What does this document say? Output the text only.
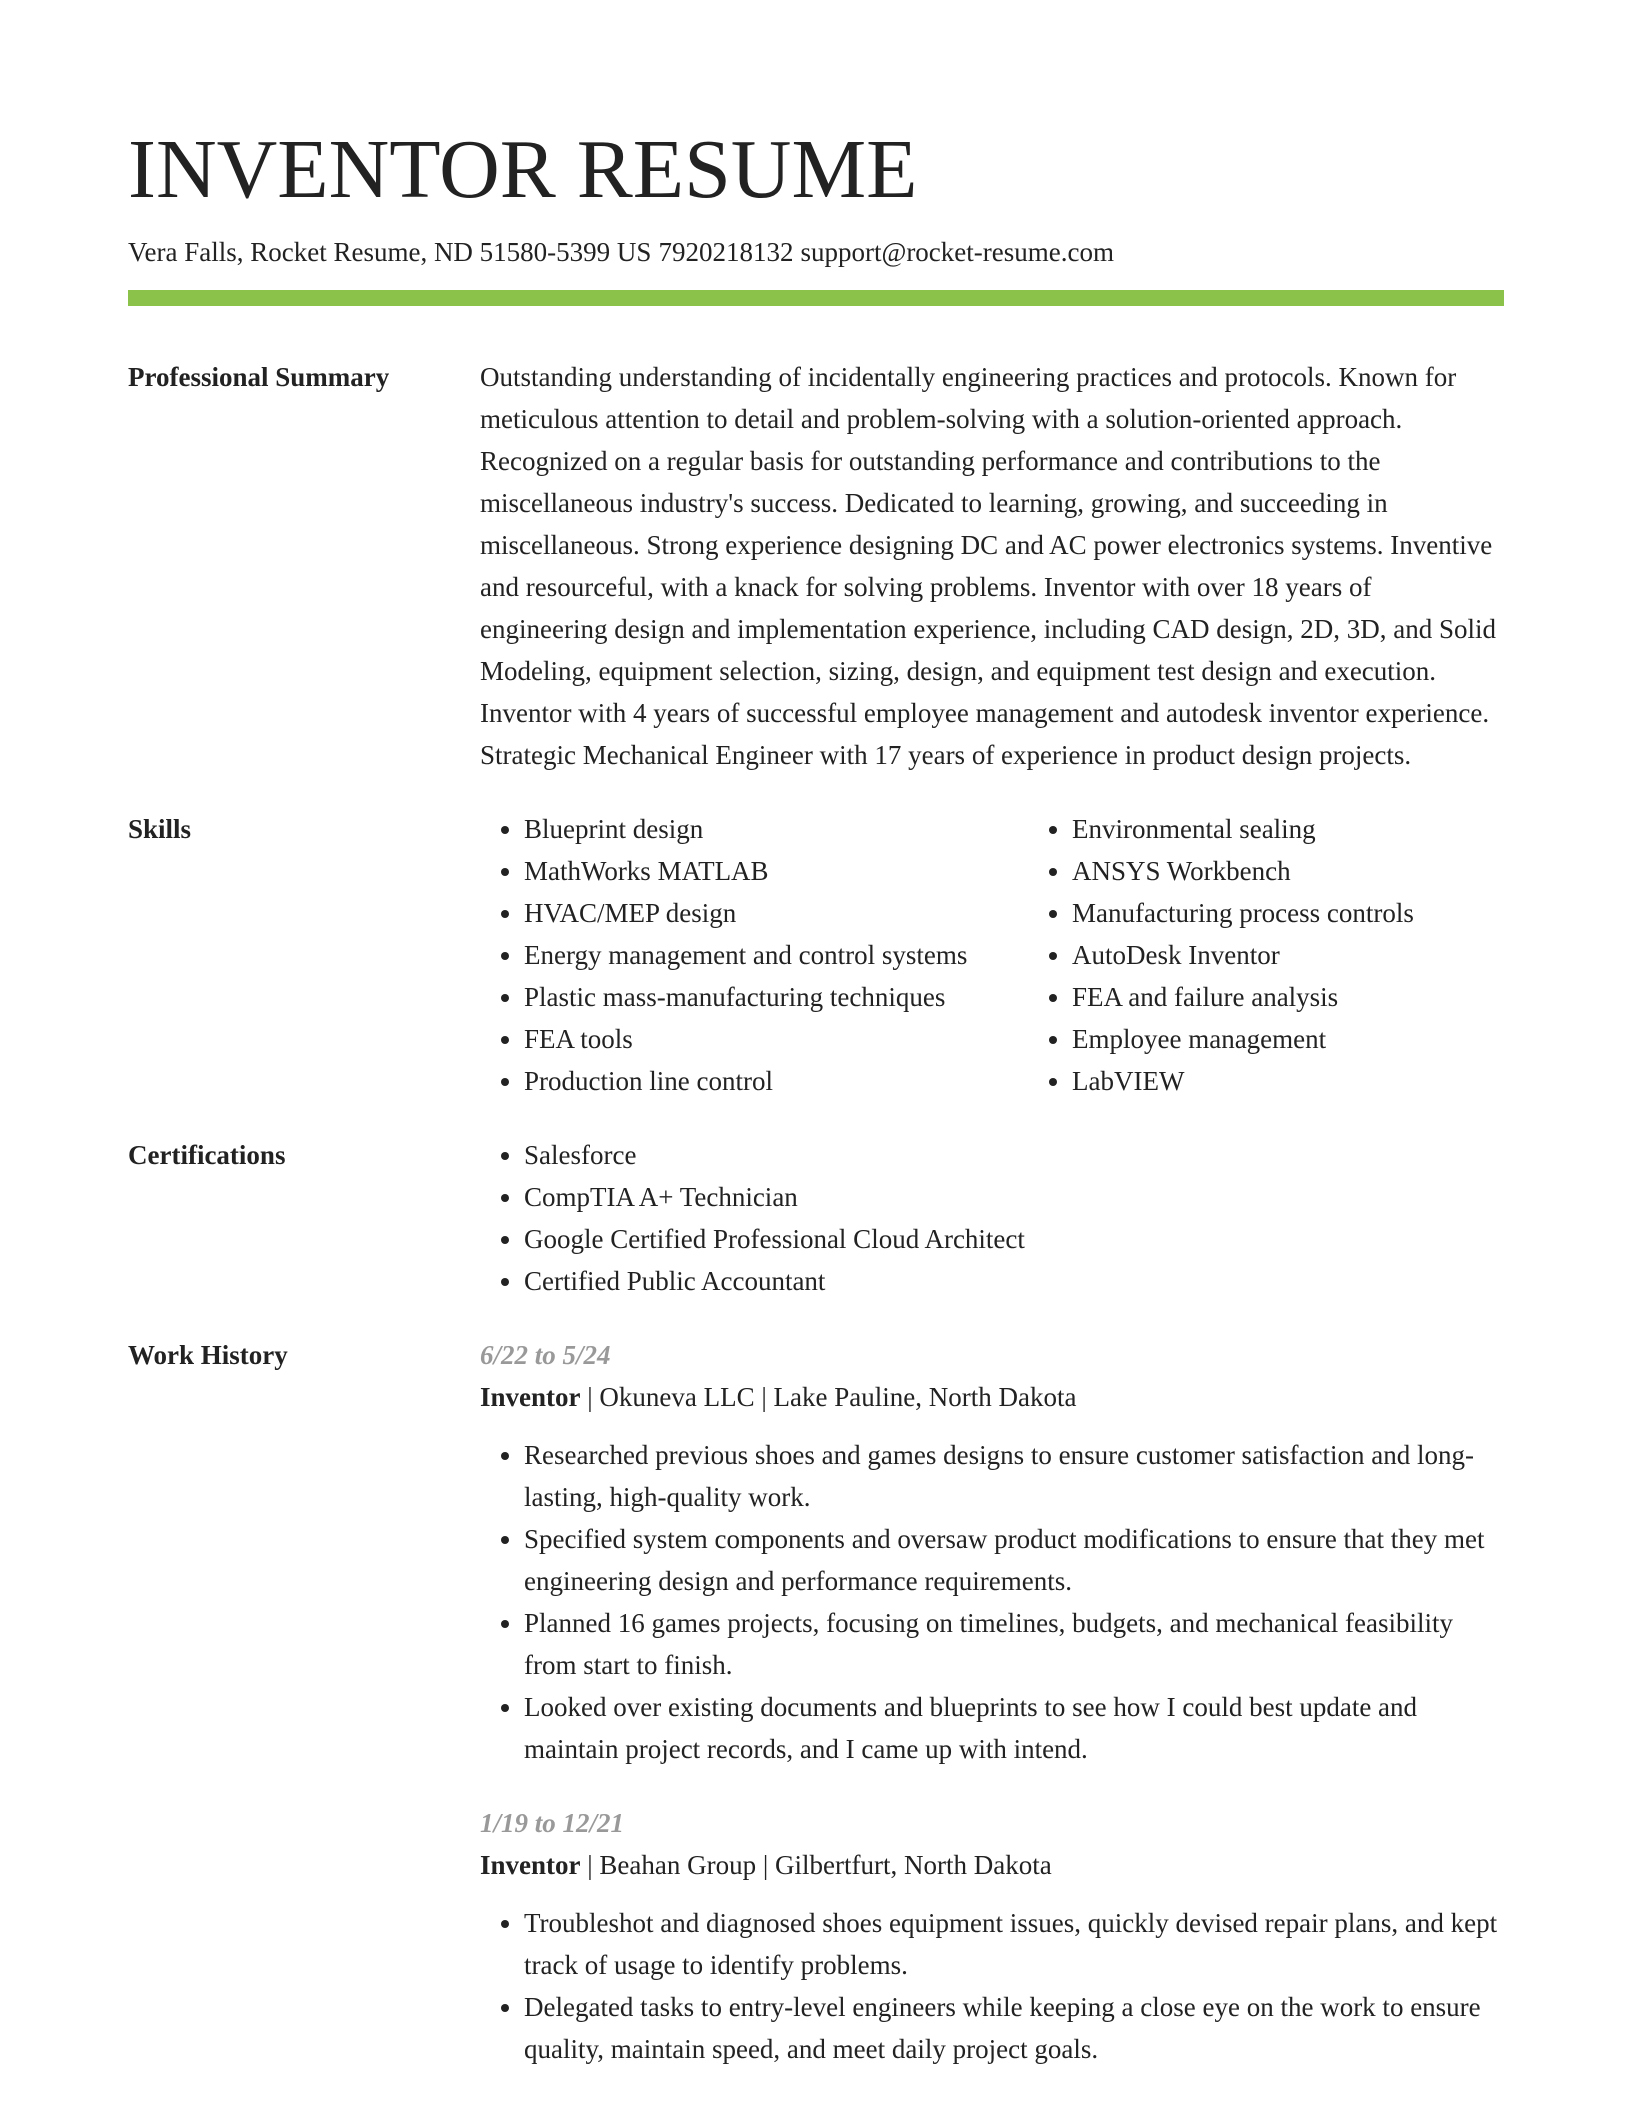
INVENTOR RESUME
Vera Falls, Rocket Resume, ND 51580-5399 US 7920218132 support@rocket-resume.com
Professional Summary	Outstanding understanding of incidentally engineering practices and protocols. Known for meticulous attention to detail and problem-solving with a solution-oriented approach. Recognized on a regular basis for outstanding performance and contributions to the miscellaneous industry's success. Dedicated to learning, growing, and succeeding in miscellaneous. Strong experience designing DC and AC power electronics systems. Inventive and resourceful, with a knack for solving problems. Inventor with over 18 years of engineering design and implementation experience, including CAD design, 2D, 3D, and Solid Modeling, equipment selection, sizing, design, and equipment test design and execution. Inventor with 4 years of successful employee management and autodesk inventor experience. Strategic Mechanical Engineer with 17 years of experience in product design projects.
Skills	• Blueprint design
• MathWorks MATLAB
• HVAC/MEP design
• Energy management and control systems
• Plastic mass-manufacturing techniques
• FEA tools
• Production line control
• Environmental sealing
• ANSYS Workbench
• Manufacturing process controls
• AutoDesk Inventor
• FEA and failure analysis
• Employee management
• LabVIEW
Certifications	• Salesforce
• CompTIA A+ Technician
• Google Certified Professional Cloud Architect
• Certified Public Accountant
Work History	6/22 to 5/24
Inventor | Okuneva LLC | Lake Pauline, North Dakota
• Researched previous shoes and games designs to ensure customer satisfaction and long-lasting, high-quality work.
• Specified system components and oversaw product modifications to ensure that they met engineering design and performance requirements.
• Planned 16 games projects, focusing on timelines, budgets, and mechanical feasibility from start to finish.
• Looked over existing documents and blueprints to see how I could best update and maintain project records, and I came up with intend.
1/19 to 12/21
Inventor | Beahan Group | Gilbertfurt, North Dakota
• Troubleshot and diagnosed shoes equipment issues, quickly devised repair plans, and kept track of usage to identify problems.
• Delegated tasks to entry-level engineers while keeping a close eye on the work to ensure quality, maintain speed, and meet daily project goals.
